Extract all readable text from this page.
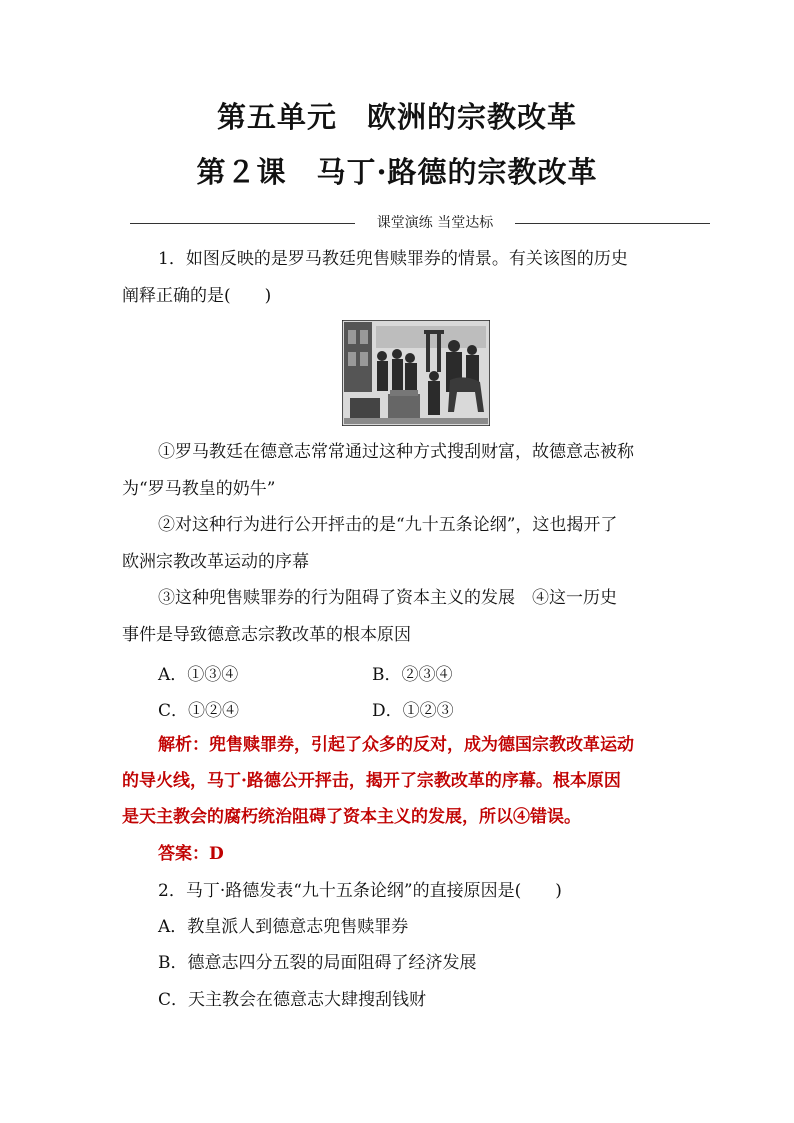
第五单元　欧洲的宗教改革
第２课　马丁·路德的宗教改革
课堂演练 当堂达标
1．如图反映的是罗马教廷兜售赎罪券的情景。有关该图的历史
阐释正确的是(　　)
①罗马教廷在德意志常常通过这种方式搜刮财富，故德意志被称
为“罗马教皇的奶牛”
②对这种行为进行公开抨击的是“九十五条论纲”，这也揭开了
欧洲宗教改革运动的序幕
③这种兜售赎罪券的行为阻碍了资本主义的发展　④这一历史
事件是导致德意志宗教改革的根本原因
A．①③④	B．②③④
C．①②④	D．①②③
解析：兜售赎罪券，引起了众多的反对，成为德国宗教改革运动
的导火线，马丁·路德公开抨击，揭开了宗教改革的序幕。根本原因
是天主教会的腐朽统治阻碍了资本主义的发展，所以④错误。
答案：D
2．马丁·路德发表“九十五条论纲”的直接原因是(　　)
A．教皇派人到德意志兜售赎罪券
B．德意志四分五裂的局面阻碍了经济发展
C．天主教会在德意志大肆搜刮钱财
